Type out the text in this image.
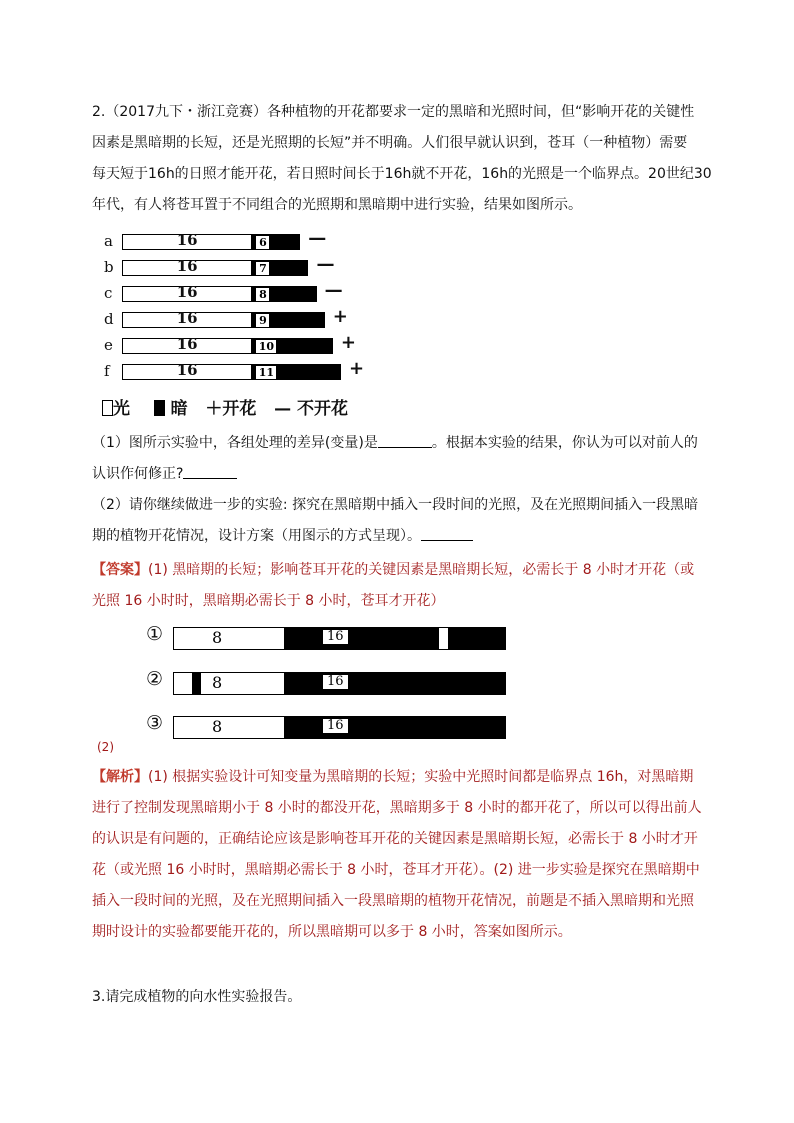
2.（2017九下・浙江竞赛）各种植物的开花都要求一定的黑暗和光照时间，但“影响开花的关键性
因素是黑暗期的长短，还是光照期的长短”并不明确。人们很早就认识到，苍耳（一种植物）需要
每天短于16h的日照才能开花，若日照时间长于16h就不开花，16h的光照是一个临界点。20世纪30
年代，有人将苍耳置于不同组合的光照期和黑暗期中进行实验，结果如图所示。
a	16	6 —
b	16	7	—
c	16	8	—
d	16	9	+
e	16	10	+
f	16	11	+
光 暗 ＋开花 — 不开花
（1）图所示实验中，各组处理的差异(变量)是	。根据本实验的结果，你认为可以对前人的
认识作何修正?
（2）请你继续做进一步的实验: 探究在黑暗期中插入一段时间的光照，及在光照期间插入一段黑暗
期的植物开花情况，设计方案（用图示的方式呈现）。
【答案】(1) 黑暗期的长短；影响苍耳开花的关键因素是黑暗期长短，必需长于 8 小时才开花（或
光照 16 小时时，黑暗期必需长于 8 小时，苍耳才开花）
①	8	16
②	8	16
③	8	16
(2)
【解析】(1) 根据实验设计可知变量为黑暗期的长短；实验中光照时间都是临界点 16h，对黑暗期
进行了控制发现黑暗期小于 8 小时的都没开花，黑暗期多于 8 小时的都开花了，所以可以得出前人
的认识是有问题的，正确结论应该是影响苍耳开花的关键因素是黑暗期长短，必需长于 8 小时才开
花（或光照 16 小时时，黑暗期必需长于 8 小时，苍耳才开花）。(2) 进一步实验是探究在黑暗期中
插入一段时间的光照，及在光照期间插入一段黑暗期的植物开花情况，前题是不插入黑暗期和光照
期时设计的实验都要能开花的，所以黑暗期可以多于 8 小时，答案如图所示。
3.请完成植物的向水性实验报告。
